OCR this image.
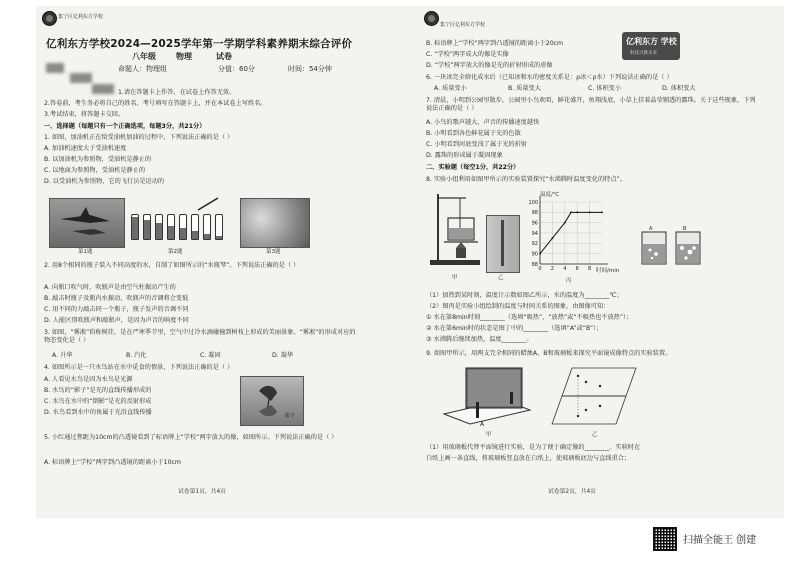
集宁区亿利东方学校
亿利东方学校2024—2025学年第一学期学科素养期末综合评价
八年级	物理	试卷
命题人：物理组	分值：60分	时间：54分钟
1.请在答题卡上作答，在试卷上作答无效。
2.答卷前，考生务必将自己的姓名、考号填写在答题卡上，并在本试卷上写姓名。
3.考试结束，将答题卡交回。
一、选择题（每题只有一个正确选项，每题3分，共21分）
1. 如图，加油机正在给受油机加油的过程中，下列说法正确的是（ ）
A. 加油机速度大于受油机速度
B. 以加油机为参照物，受油机是静止的
C. 以地面为参照物，受油机是静止的
D. 以受油机为参照物，它的飞行员是运动的
第1题	第2题	第3题
2. 用8个相同的瓶子装入不同高度的水，自制了如图所示的“水瓶琴”。下列说法正确的是（ ）
A. 向瓶口吹气时，吹瓶声是由空气柱振动产生的
B. 敲击时瓶子及瓶内水振动，吹瓶声的音调将会变低
C. 用不同的力敲击同一个瓶子，瓶子发声的音调不同
D. 人能区别吹瓶声和敲瓶声，是因为声音的响度不同
3. 如图，“雾凇”俗称树挂，是在严寒季节里，空气中过冷水滴碰撞到树枝上形成的美丽景象。“雾凇”的形成对应的物态变化是（ ）
A. 升华	B. 汽化	C. 凝固	D. 凝华
4. 如图所示是一只水鸟站在水中觅食的情景，下列说法正确的是（ ）
A. 人看见水鸟是因为水鸟是光源
B. 水鸟的“影子”是光的直线传播形成的
C. 水鸟在水中的“倒影”是光的反射形成
D. 水鸟看到水中的鱼属于光沿直线传播	影子
5. 小红通过焦距为10cm的凸透镜看到了标语牌上“学校”两字放大的像，如图所示。下列说法正确的是（ ）
A. 标语牌上“学校”两字到凸透镜的距离小于10cm
试卷第1页，共4页
集宁区亿利东方学校
亿利东方 学校
科技兴教未来
B. 标语牌上“学校”两字到凸透镜的距离小于20cm
C. “学校”两字成大的像是实像
D. “学校”两字放大的像是光的折射形成的虚像
6. 一块冰完全熔化成水后（已知冰和水的密度关系是：ρ冰＜ρ水）下列说法正确的是（ ）
A. 质量变小	B. 质量变大	C. 体积变小	D. 体积变大
7. 清晨，小明到公园里散步，公园里小鸟欢唱，鲜花盛开，鱼翔浅底，小草上挂着晶莹剔透的露珠。关于这些现象，下列说法正确的是（ ）
A. 小鸟的歌声越大，声音的传播速度越快
B. 小明看到各色鲜花属于光的色散
C. 小明看到河底变浅了属于光的折射
D. 露珠的形成属于凝固现象
二、实验题（每空1分，共22分）
8. 实验小组利用如图甲所示的实验装置探究“水沸腾时温度变化的特点”。
甲	乙
88
90
92
94
96
98
100
0 2 4 6 8
温度/℃
时间/min
丙
A	B
（1）加热到某时刻，温度计示数如图乙所示，水的温度为________℃；
（2）图丙是实验小组绘制的温度与时间关系的图象，由图像可知：
① 水在第8min时刻________（选填“吸热”、“放热”或“不吸热也不放热”）；
② 水在第6min时的状态是图丁中的________（选填“A”或“B”）；
③ 水沸腾后继续加热，温度________。
9. 如图甲所示，用两支完全相同的蜡烛A、B和玻璃板来探究平面镜成像特点的实验装置。
A
甲	乙
（1）用玻璃板代替平面镜进行实验，是为了便于确定像的________。实验时在
白纸上画一条直线，将玻璃板竖直放在白纸上，使玻璃板底边与直线重合；
试卷第2页，共4页
扫描全能王 创建
